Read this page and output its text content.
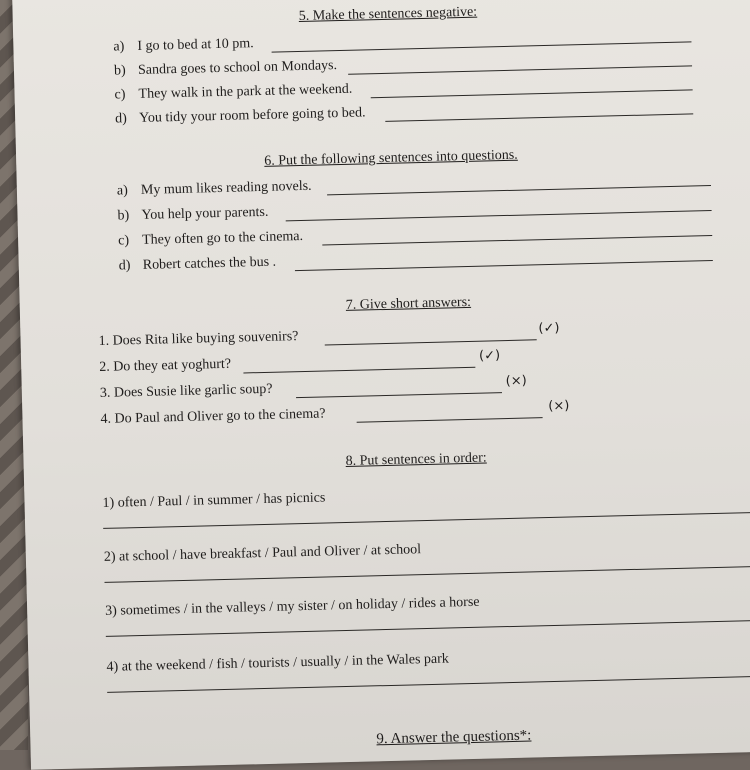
5. Make the sentences negative:
a) I go to bed at 10 pm.
b) Sandra goes to school on Mondays.
c) They walk in the park at the weekend.
d) You tidy your room before going to bed.
6. Put the following sentences into questions.
a) My mum likes reading novels.
b) You help your parents.
c) They often go to the cinema.
d) Robert catches the bus .
7. Give short answers:
1. Does Rita like buying souvenirs?
(✓)
2. Do they eat yoghurt?
(✓)
3. Does Susie like garlic soup?
(×)
4. Do Paul and Oliver go to the cinema?
(×)
8. Put sentences in order:
1) often / Paul / in summer / has picnics
2) at school / have breakfast / Paul and Oliver / at school
3) sometimes / in the valleys / my sister / on holiday / rides a horse
4) at the weekend / fish / tourists / usually / in the Wales park
9. Answer the questions*:
